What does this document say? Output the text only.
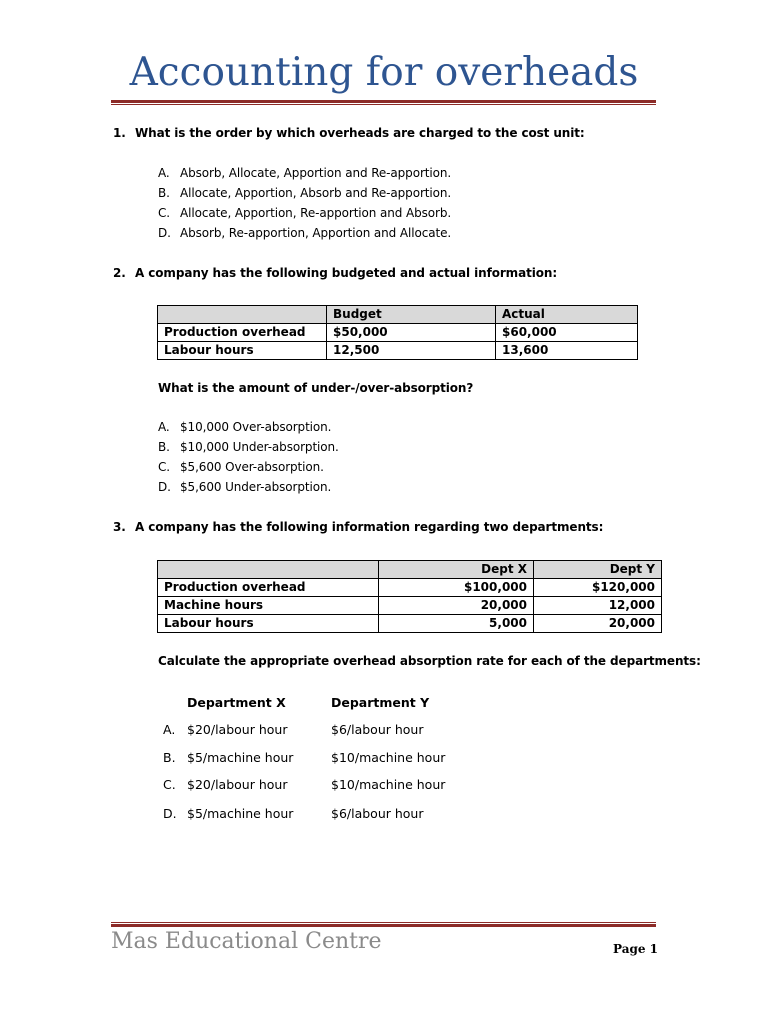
Accounting for overheads
1. What is the order by which overheads are charged to the cost unit:
A. Absorb, Allocate, Apportion and Re-apportion.
B. Allocate, Apportion, Absorb and Re-apportion.
C. Allocate, Apportion, Re-apportion and Absorb.
D. Absorb, Re-apportion, Apportion and Allocate.
2. A company has the following budgeted and actual information:
	Budget	Actual
Production overhead	$50,000	$60,000
Labour hours	12,500	13,600
What is the amount of under-/over-absorption?
A. $10,000 Over-absorption.
B. $10,000 Under-absorption.
C. $5,600 Over-absorption.
D. $5,600 Under-absorption.
3. A company has the following information regarding two departments:
	Dept X	Dept Y
Production overhead	$100,000	$120,000
Machine hours	20,000	12,000
Labour hours	5,000	20,000
Calculate the appropriate overhead absorption rate for each of the departments:
Department X	Department Y
A. $20/labour hour	$6/labour hour
B. $5/machine hour	$10/machine hour
C. $20/labour hour	$10/machine hour
D. $5/machine hour	$6/labour hour
Mas Educational Centre	Page 1
